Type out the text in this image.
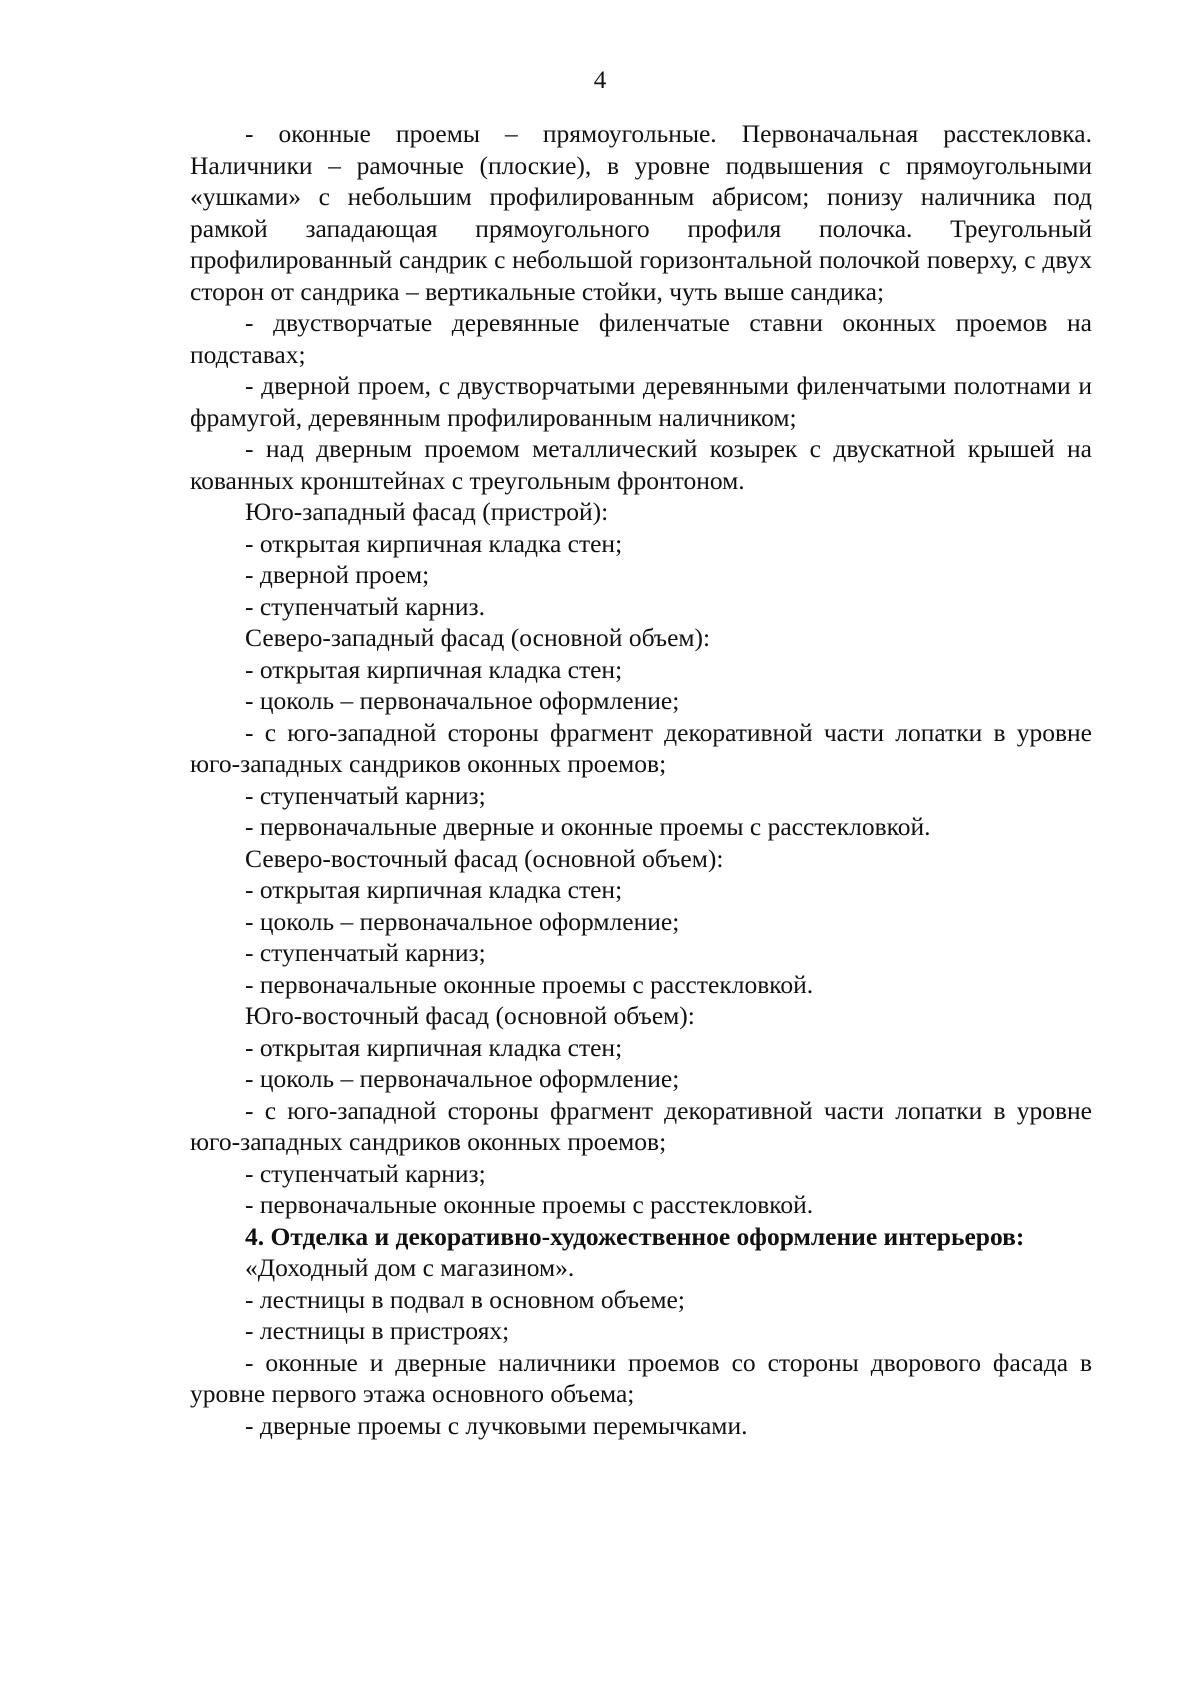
4

- оконные проемы – прямоугольные. Первоначальная расстекловка. Наличники – рамочные (плоские), в уровне подвышения с прямоугольными «ушками» с небольшим профилированным абрисом; понизу наличника под рамкой западающая прямоугольного профиля полочка. Треугольный профилированный сандрик с небольшой горизонтальной полочкой поверху, с двух сторон от сандрика – вертикальные стойки, чуть выше сандика;

- двустворчатые деревянные филенчатые ставни оконных проемов на подставах;

- дверной проем, с двустворчатыми деревянными филенчатыми полотнами и фрамугой, деревянным профилированным наличником;

- над дверным проемом металлический козырек с двускатной крышей на кованных кронштейнах с треугольным фронтоном.

Юго-западный фасад (пристрой):

- открытая кирпичная кладка стен;

- дверной проем;

- ступенчатый карниз.

Северо-западный фасад (основной объем):

- открытая кирпичная кладка стен;

- цоколь – первоначальное оформление;

- с юго-западной стороны фрагмент декоративной части лопатки в уровне юго-западных сандриков оконных проемов;

- ступенчатый карниз;

- первоначальные дверные и оконные проемы с расстекловкой.

Северо-восточный фасад (основной объем):

- открытая кирпичная кладка стен;

- цоколь – первоначальное оформление;

- ступенчатый карниз;

- первоначальные оконные проемы с расстекловкой.

Юго-восточный фасад (основной объем):

- открытая кирпичная кладка стен;

- цоколь – первоначальное оформление;

- с юго-западной стороны фрагмент декоративной части лопатки в уровне юго-западных сандриков оконных проемов;

- ступенчатый карниз;

- первоначальные оконные проемы с расстекловкой.

4. Отделка и декоративно-художественное оформление интерьеров:

«Доходный дом с магазином».

- лестницы в подвал в основном объеме;

- лестницы в пристроях;

- оконные и дверные наличники проемов со стороны дворового фасада в уровне первого этажа основного объема;

- дверные проемы с лучковыми перемычками.
